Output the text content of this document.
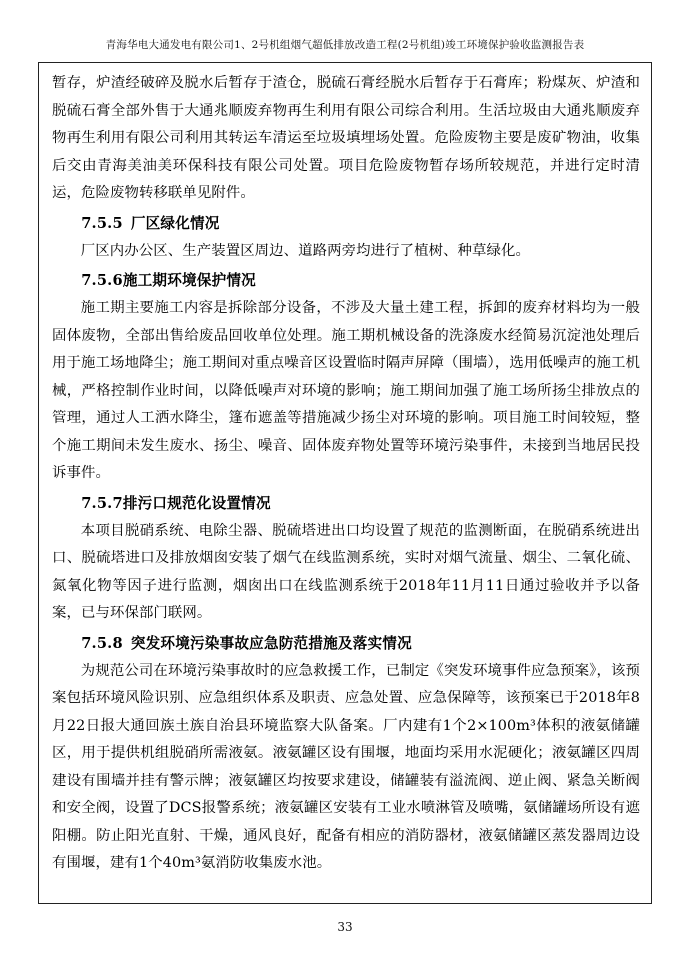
青海华电大通发电有限公司1、2号机组烟气超低排放改造工程(2号机组)竣工环境保护验收监测报告表

暂存，炉渣经破碎及脱水后暂存于渣仓，脱硫石膏经脱水后暂存于石膏库；粉煤灰、炉渣和脱硫石膏全部外售于大通兆顺废弃物再生利用有限公司综合利用。生活垃圾由大通兆顺废弃物再生利用有限公司利用其转运车清运至垃圾填埋场处置。危险废物主要是废矿物油，收集后交由青海美油美环保科技有限公司处置。项目危险废物暂存场所较规范，并进行定时清运，危险废物转移联单见附件。

7.5.5 厂区绿化情况

厂区内办公区、生产装置区周边、道路两旁均进行了植树、种草绿化。

7.5.6施工期环境保护情况

施工期主要施工内容是拆除部分设备，不涉及大量土建工程，拆卸的废弃材料均为一般固体废物，全部出售给废品回收单位处理。施工期机械设备的洗涤废水经简易沉淀池处理后用于施工场地降尘；施工期间对重点噪音区设置临时隔声屏障（围墙），选用低噪声的施工机械，严格控制作业时间，以降低噪声对环境的影响；施工期间加强了施工场所扬尘排放点的管理，通过人工洒水降尘，篷布遮盖等措施减少扬尘对环境的影响。项目施工时间较短，整个施工期间未发生废水、扬尘、噪音、固体废弃物处置等环境污染事件，未接到当地居民投诉事件。

7.5.7排污口规范化设置情况

本项目脱硝系统、电除尘器、脱硫塔进出口均设置了规范的监测断面，在脱硝系统进出口、脱硫塔进口及排放烟囱安装了烟气在线监测系统，实时对烟气流量、烟尘、二氧化硫、氮氧化物等因子进行监测，烟囱出口在线监测系统于2018年11月11日通过验收并予以备案，已与环保部门联网。

7.5.8 突发环境污染事故应急防范措施及落实情况

为规范公司在环境污染事故时的应急救援工作，已制定《突发环境事件应急预案》，该预案包括环境风险识别、应急组织体系及职责、应急处置、应急保障等，该预案已于2018年8月22日报大通回族土族自治县环境监察大队备案。厂内建有1个2×100m³体积的液氨储罐区，用于提供机组脱硝所需液氨。液氨罐区设有围堰，地面均采用水泥硬化；液氨罐区四周建设有围墙并挂有警示牌；液氨罐区均按要求建设，储罐装有溢流阀、逆止阀、紧急关断阀和安全阀，设置了DCS报警系统；液氨罐区安装有工业水喷淋管及喷嘴，氨储罐场所设有遮阳棚。防止阳光直射、干燥，通风良好，配备有相应的消防器材，液氨储罐区蒸发器周边设有围堰，建有1个40m³氨消防收集废水池。

33
